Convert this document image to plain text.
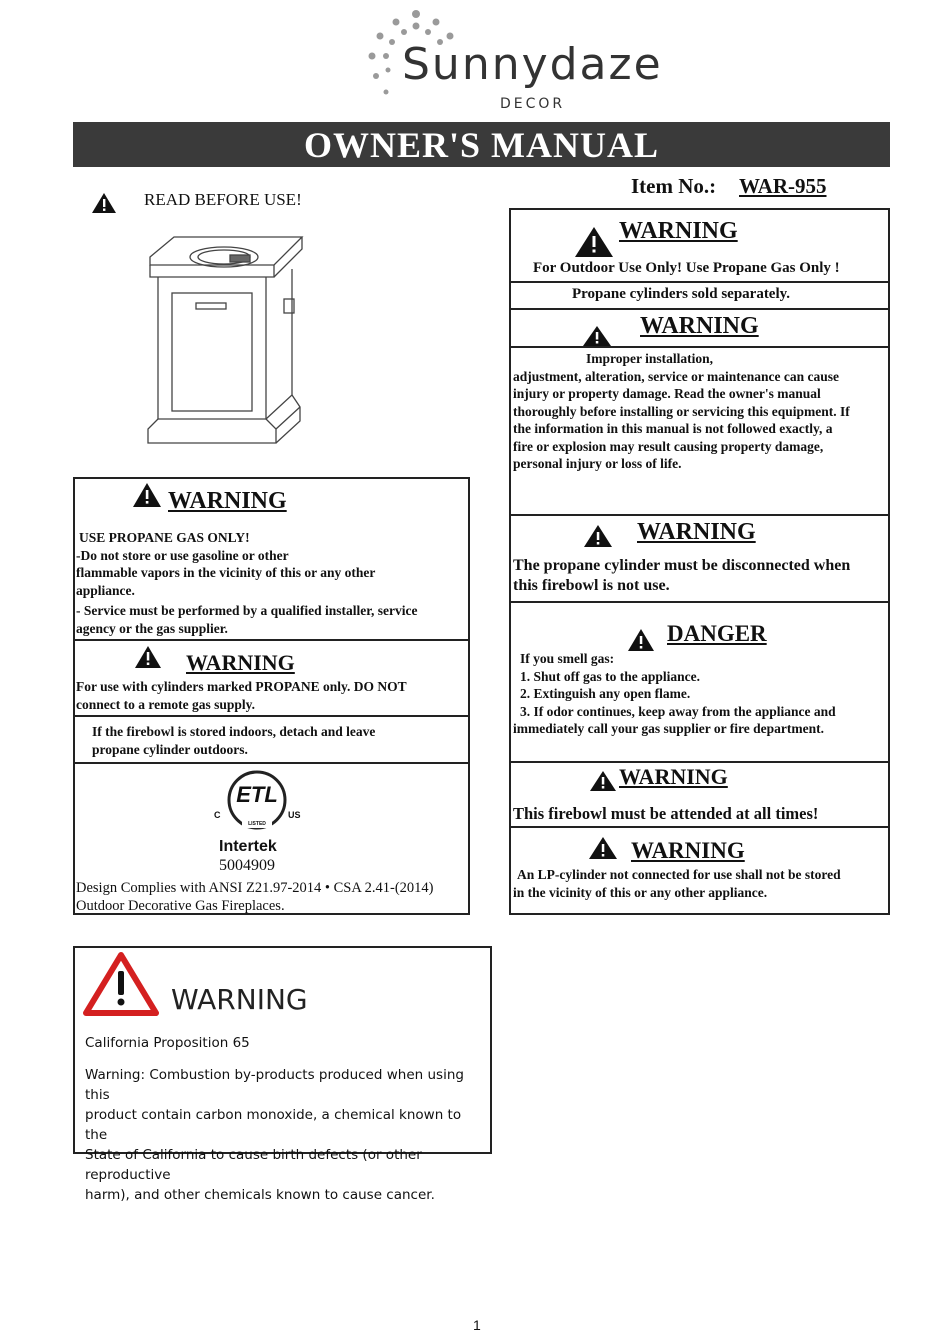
Sunnydaze
DECOR
OWNER'S MANUAL
READ BEFORE USE!
Item No.: WAR-955
WARNING
USE PROPANE GAS ONLY!
-Do not store or use gasoline or other
flammable vapors in the vicinity of this or any other
appliance.
- Service must be performed by a qualified installer, service
agency or the gas supplier.
WARNING
For use with cylinders marked PROPANE only. DO NOT
connect to a remote gas supply.
If the firebowl is stored indoors, detach and leave
propane cylinder outdoors.
ETL
C	US
LISTED
Intertek
5004909
Design Complies with ANSI Z21.97-2014 • CSA 2.41-(2014)
Outdoor Decorative Gas Fireplaces.
WARNING
For Outdoor Use Only! Use Propane Gas Only !
Propane cylinders sold separately.
WARNING
Improper installation,
adjustment, alteration, service or maintenance can cause
injury or property damage. Read the owner's manual
thoroughly before installing or servicing this equipment. If
the information in this manual is not followed exactly, a
fire or explosion may result causing property damage,
personal injury or loss of life.
WARNING
The propane cylinder must be disconnected when
this firebowl is not use.
DANGER
If you smell gas:
1. Shut off gas to the appliance.
2. Extinguish any open flame.
3. If odor continues, keep away from the appliance and
immediately call your gas supplier or fire department.
WARNING
This firebowl must be attended at all times!
WARNING
An LP-cylinder not connected for use shall not be stored
in the vicinity of this or any other appliance.
WARNING
California Proposition 65
Warning: Combustion by-products produced when using this
product contain carbon monoxide, a chemical known to the
State of California to cause birth defects (or other reproductive
harm), and other chemicals known to cause cancer.
1
